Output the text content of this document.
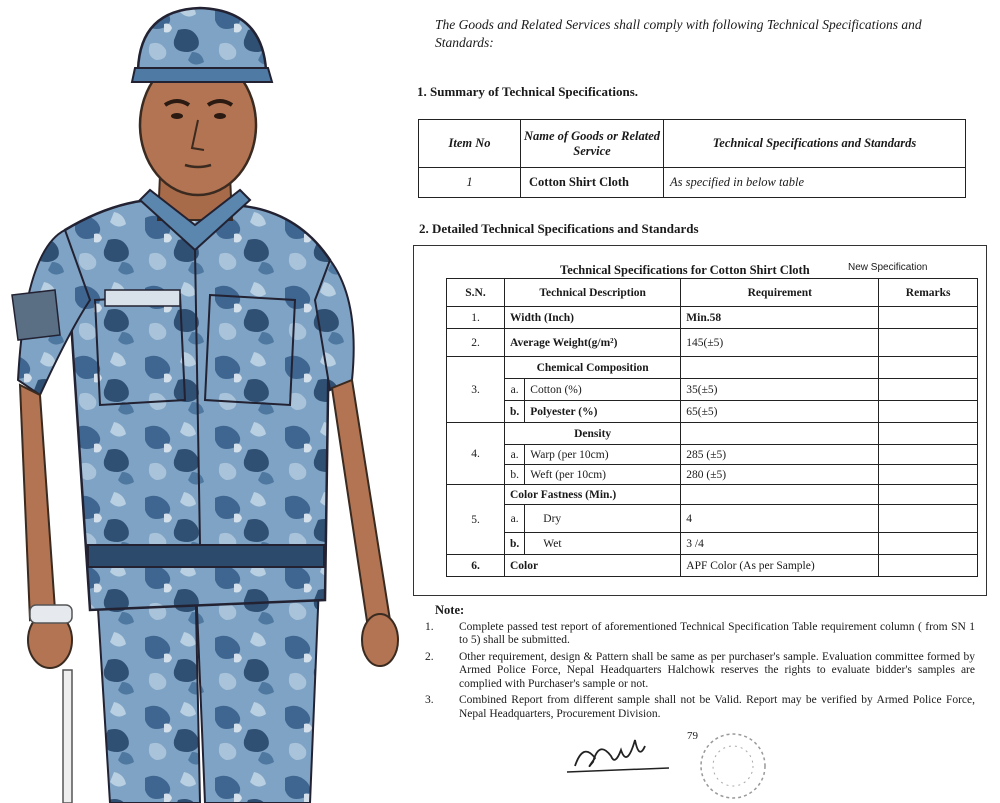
The Goods and Related Services shall comply with following Technical Specifications and Standards:

1. Summary of Technical Specifications.
Item No	Name of Goods or Related Service	Technical Specifications and Standards
1	Cotton Shirt Cloth	As specified in below table
2. Detailed Technical Specifications and Standards
Technical Specifications for Cotton Shirt Cloth	New Specification
S.N.	Technical Description		Requirement	Remarks
1.	Width (Inch)		Min.58	
2.	Average Weight(g/m²)		145(±5)	
3.	Chemical Composition			
	a.	Cotton (%)	35(±5)	
	b.	Polyester (%)	65(±5)	
4.	Density			
	a.	Warp (per 10cm)	285 (±5)	
	b.	Weft (per 10cm)	280 (±5)	
5.	Color Fastness (Min.)			
	a.	Dry	4	
	b.	Wet	3 /4	
6.	Color		APF Color (As per Sample)	
Note:
1. Complete passed test report of aforementioned Technical Specification Table requirement column ( from SN 1 to 5) shall be submitted.
2. Other requirement, design & Pattern shall be same as per purchaser's sample. Evaluation committee formed by Armed Police Force, Nepal Headquarters Halchowk reserves the rights to evaluate bidder's samples are complied with Purchaser's sample or not.
3. Combined Report from different sample shall not be Valid. Report may be verified by Armed Police Force, Nepal Headquarters, Procurement Division.
79
